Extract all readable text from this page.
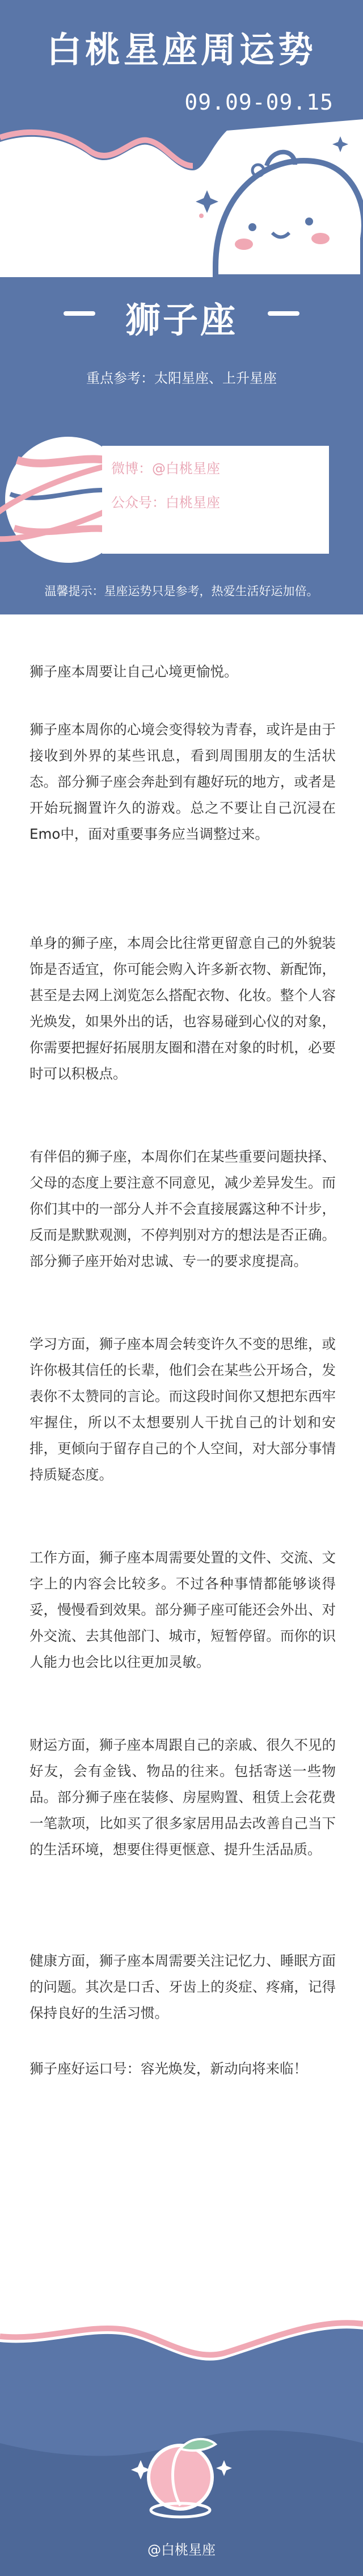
白桃星座周运势
09.09-09.15
狮子座
重点参考：太阳星座、上升星座
微博：@白桃星座
公众号：白桃星座
温馨提示：星座运势只是参考，热爱生活好运加倍。

狮子座本周要让自己心境更愉悦。

狮子座本周你的心境会变得较为青春，或许是由于接收到外界的某些讯息，看到周围朋友的生活状态。部分狮子座会奔赴到有趣好玩的地方，或者是开始玩搁置许久的游戏。总之不要让自己沉浸在Emo中，面对重要事务应当调整过来。

单身的狮子座，本周会比往常更留意自己的外貌装饰是否适宜，你可能会购入许多新衣物、新配饰，甚至是去网上浏览怎么搭配衣物、化妆。整个人容光焕发，如果外出的话，也容易碰到心仪的对象，你需要把握好拓展朋友圈和潜在对象的时机，必要时可以积极点。

有伴侣的狮子座，本周你们在某些重要问题抉择、父母的态度上要注意不同意见，减少差异发生。而你们其中的一部分人并不会直接展露这种不计步，反而是默默观测，不停判别对方的想法是否正确。部分狮子座开始对忠诚、专一的要求度提高。

学习方面，狮子座本周会转变许久不变的思维，或许你极其信任的长辈，他们会在某些公开场合，发表你不太赞同的言论。而这段时间你又想把东西牢牢握住，所以不太想要别人干扰自己的计划和安排，更倾向于留存自己的个人空间，对大部分事情持质疑态度。

工作方面，狮子座本周需要处置的文件、交流、文字上的内容会比较多。不过各种事情都能够谈得妥，慢慢看到效果。部分狮子座可能还会外出、对外交流、去其他部门、城市，短暂停留。而你的识人能力也会比以往更加灵敏。

财运方面，狮子座本周跟自己的亲戚、很久不见的好友，会有金钱、物品的往来。包括寄送一些物品。部分狮子座在装修、房屋购置、租赁上会花费一笔款项，比如买了很多家居用品去改善自己当下的生活环境，想要住得更惬意、提升生活品质。

健康方面，狮子座本周需要关注记忆力、睡眠方面的问题。其次是口舌、牙齿上的炎症、疼痛，记得保持良好的生活习惯。

狮子座好运口号：容光焕发，新动向将来临！

@白桃星座
